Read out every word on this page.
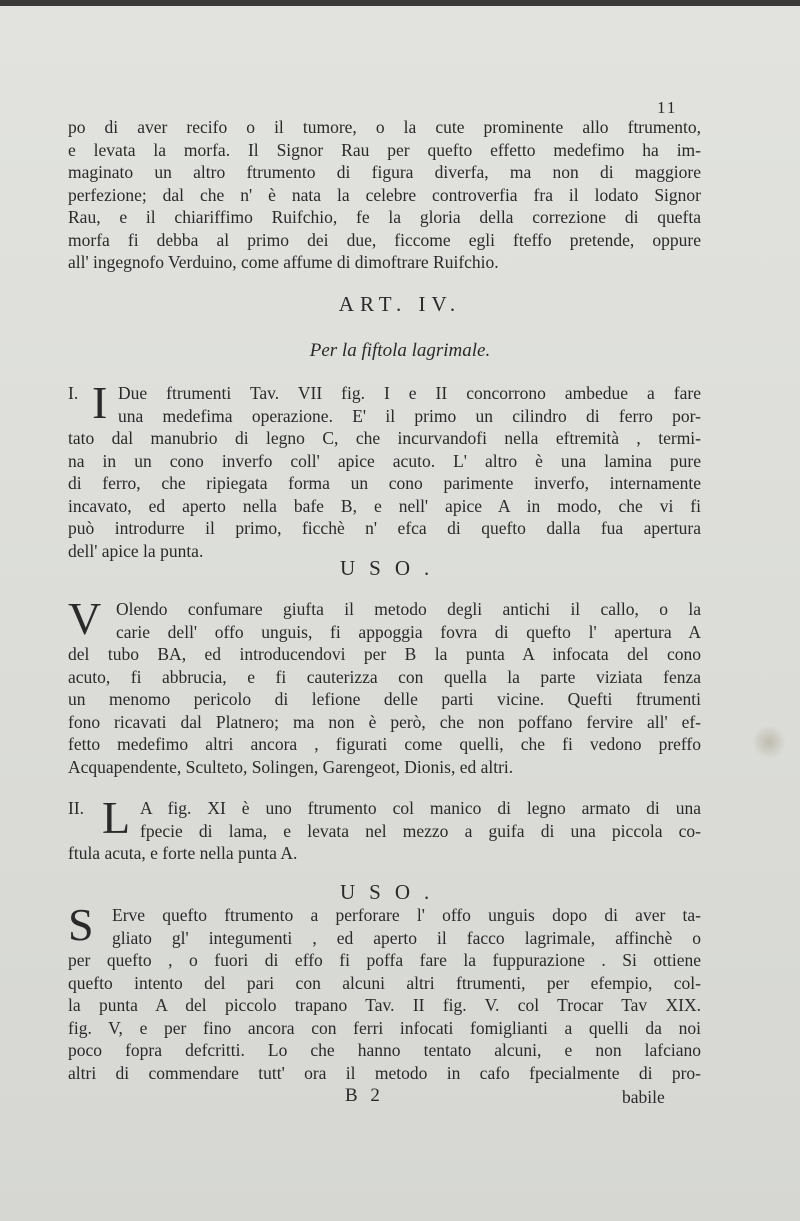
11
po di aver recifo o il tumore, o la cute prominente allo ftrumento,
e levata la morfa. Il Signor Rau per quefto effetto medefimo ha im-
maginato un altro ftrumento di figura diverfa, ma non di maggiore
perfezione; dal che n' è nata la celebre controverfia fra il lodato Signor
Rau, e il chiariffimo Ruifchio, fe la gloria della correzione di quefta
morfa fi debba al primo dei due, ficcome egli fteffo pretende, oppure
all' ingegnofo Verduino, come affume di dimoftrare Ruifchio.
ART. IV.
Per la fiftola lagrimale.
I. I Due ftrumenti Tav. VII fig. I e II concorrono ambedue a fare
una medefima operazione. E' il primo un cilindro di ferro por-
tato dal manubrio di legno C, che incurvandofi nella eftremità , termi-
na in un cono inverfo coll' apice acuto. L' altro è una lamina pure
di ferro, che ripiegata forma un cono parimente inverfo, internamente
incavato, ed aperto nella bafe B, e nell' apice A in modo, che vi fi
può introdurre il primo, ficchè n' efca di quefto dalla fua apertura
dell' apice la punta.
USO.
V Olendo confumare giufta il metodo degli antichi il callo, o la
carie dell' offo unguis, fi appoggia fovra di quefto l' apertura A
del tubo BA, ed introducendovi per B la punta A infocata del cono
acuto, fi abbrucia, e fi cauterizza con quella la parte viziata fenza
un menomo pericolo di lefione delle parti vicine. Quefti ftrumenti
fono ricavati dal Platnero; ma non è però, che non poffano fervire all' ef-
fetto medefimo altri ancora , figurati come quelli, che fi vedono preffo
Acquapendente, Sculteto, Solingen, Garengeot, Dionis, ed altri.
II. L A fig. XI è uno ftrumento col manico di legno armato di una
fpecie di lama, e levata nel mezzo a guifa di una piccola co-
ftula acuta, e forte nella punta A.
USO.
S Erve quefto ftrumento a perforare l' offo unguis dopo di aver ta-
gliato gl' integumenti , ed aperto il facco lagrimale, affinchè o
per quefto , o fuori di effo fi poffa fare la fuppurazione . Si ottiene
quefto intento del pari con alcuni altri ftrumenti, per efempio, col-
la punta A del piccolo trapano Tav. II fig. V. col Trocar Tav XIX.
fig. V, e per fino ancora con ferri infocati fomiglianti a quelli da noi
poco fopra defcritti. Lo che hanno tentato alcuni, e non lafciano
altri di commendare tutt' ora il metodo in cafo fpecialmente di pro-
B 2	babile
